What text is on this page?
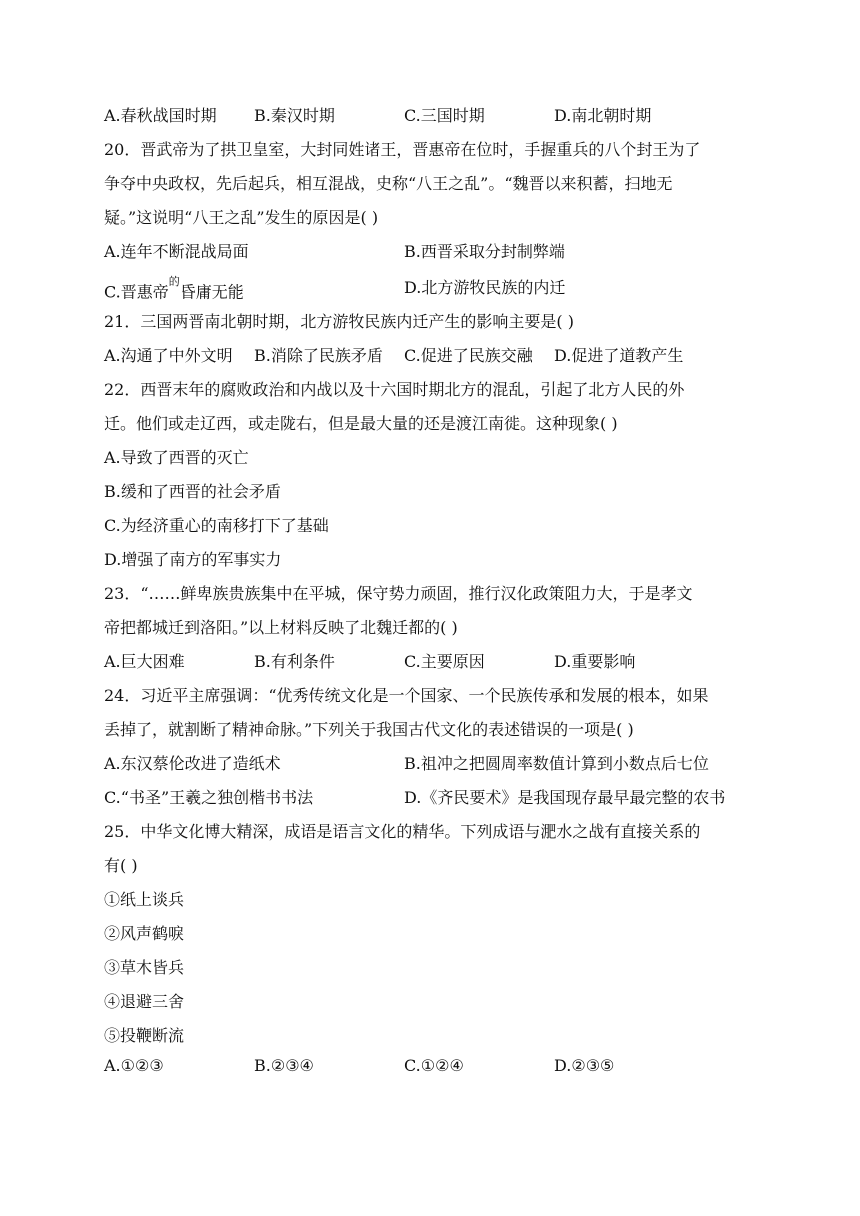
A.春秋战国时期 B.秦汉时期	C.三国时期	D.南北朝时期
20．晋武帝为了拱卫皇室，大封同姓诸王，晋惠帝在位时，手握重兵的八个封王为了
争夺中央政权，先后起兵，相互混战，史称“八王之乱”。“魏晋以来积蓄，扫地无
疑。”这说明“八王之乱”发生的原因是( )
A.连年不断混战局面	B.西晋采取分封制弊端
C.晋惠帝$^的$昏庸无能	D.北方游牧民族的内迁
21．三国两晋南北朝时期，北方游牧民族内迁产生的影响主要是( )
A.沟通了中外文明 B.消除了民族矛盾 C.促进了民族交融 D.促进了道教产生
22．西晋末年的腐败政治和内战以及十六国时期北方的混乱，引起了北方人民的外
迁。他们或走辽西，或走陇右，但是最大量的还是渡江南徙。这种现象( )
A.导致了西晋的灭亡
B.缓和了西晋的社会矛盾
C.为经济重心的南移打下了基础
D.增强了南方的军事实力
23．“……鲜卑族贵族集中在平城，保守势力顽固，推行汉化政策阻力大，于是孝文
帝把都城迁到洛阳。”以上材料反映了北魏迁都的( )
A.巨大困难	B.有利条件	C.主要原因	D.重要影响
24．习近平主席强调：“优秀传统文化是一个国家、一个民族传承和发展的根本，如果
丢掉了，就割断了精神命脉。”下列关于我国古代文化的表述错误的一项是( )
A.东汉蔡伦改进了造纸术	B.祖冲之把圆周率数值计算到小数点后七位
C.“书圣”王羲之独创楷书书法	D.《齐民要术》是我国现存最早最完整的农书
25．中华文化博大精深，成语是语言文化的精华。下列成语与淝水之战有直接关系的
有( )
①纸上谈兵
②风声鹤唳
③草木皆兵
④退避三舍
⑤投鞭断流
A.①②③	B.②③④	C.①②④	D.②③⑤
